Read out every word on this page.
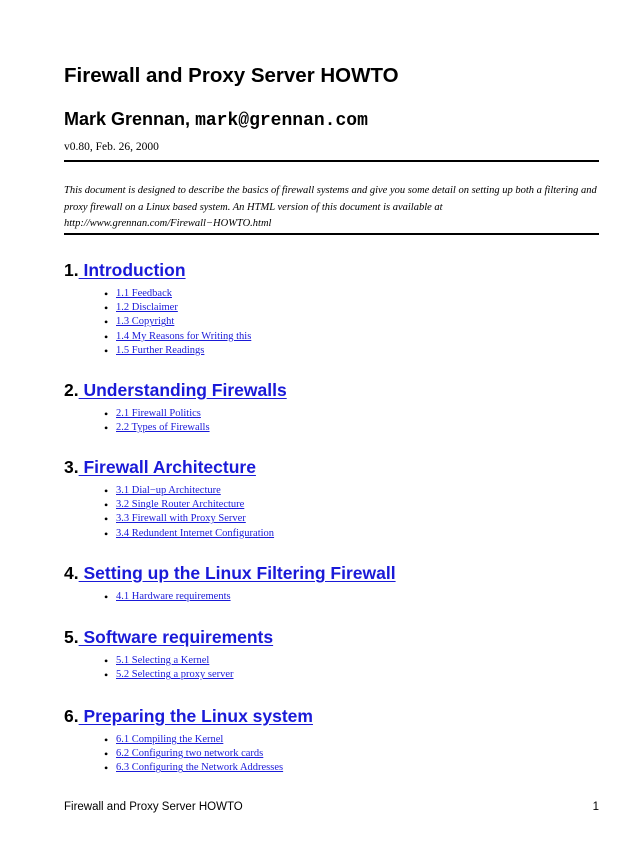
Firewall and Proxy Server HOWTO
Mark Grennan, mark@grennan.com
v0.80, Feb. 26, 2000

This document is designed to describe the basics of firewall systems and give you some detail on setting up both a filtering and proxy firewall on a Linux based system. An HTML version of this document is available at http://www.grennan.com/Firewall−HOWTO.html

1. Introduction
• 1.1 Feedback
• 1.2 Disclaimer
• 1.3 Copyright
• 1.4 My Reasons for Writing this
• 1.5 Further Readings
2. Understanding Firewalls
• 2.1 Firewall Politics
• 2.2 Types of Firewalls
3. Firewall Architecture
• 3.1 Dial−up Architecture
• 3.2 Single Router Architecture
• 3.3 Firewall with Proxy Server
• 3.4 Redundent Internet Configuration
4. Setting up the Linux Filtering Firewall
• 4.1 Hardware requirements
5. Software requirements
• 5.1 Selecting a Kernel
• 5.2 Selecting a proxy server
6. Preparing the Linux system
• 6.1 Compiling the Kernel
• 6.2 Configuring two network cards
• 6.3 Configuring the Network Addresses
Firewall and Proxy Server HOWTO	1
